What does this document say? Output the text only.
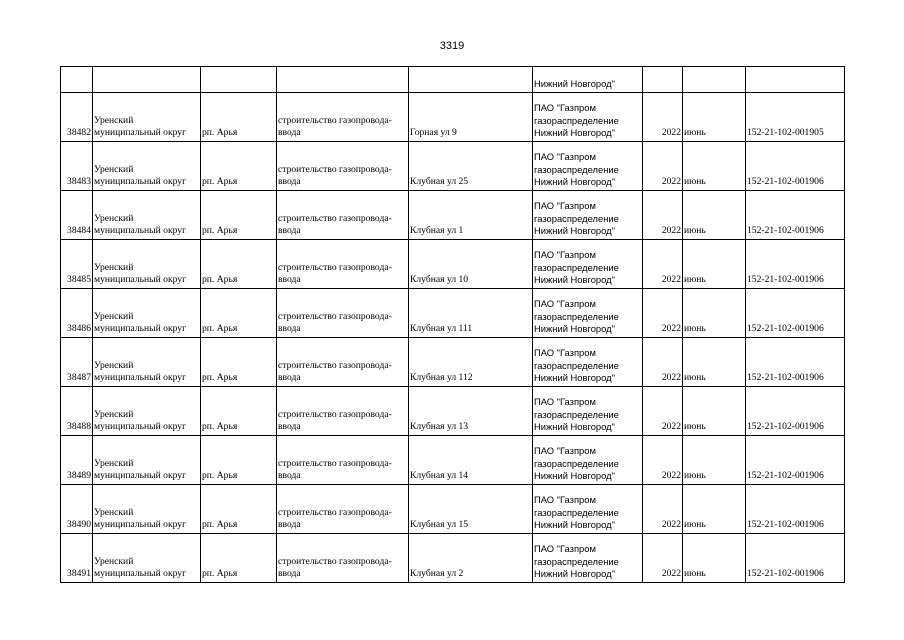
3319
					Нижний Новгород"			
38482	Уренский
муниципальный округ	рп. Арья	строительство газопровода-
ввода	Горная ул 9	ПАО "Газпром
газораспределение
Нижний Новгород"	2022	июнь	152-21-102-001905
38483	Уренский
муниципальный округ	рп. Арья	строительство газопровода-
ввода	Клубная ул 25	ПАО "Газпром
газораспределение
Нижний Новгород"	2022	июнь	152-21-102-001906
38484	Уренский
муниципальный округ	рп. Арья	строительство газопровода-
ввода	Клубная ул 1	ПАО "Газпром
газораспределение
Нижний Новгород"	2022	июнь	152-21-102-001906
38485	Уренский
муниципальный округ	рп. Арья	строительство газопровода-
ввода	Клубная ул 10	ПАО "Газпром
газораспределение
Нижний Новгород"	2022	июнь	152-21-102-001906
38486	Уренский
муниципальный округ	рп. Арья	строительство газопровода-
ввода	Клубная ул 111	ПАО "Газпром
газораспределение
Нижний Новгород"	2022	июнь	152-21-102-001906
38487	Уренский
муниципальный округ	рп. Арья	строительство газопровода-
ввода	Клубная ул 112	ПАО "Газпром
газораспределение
Нижний Новгород"	2022	июнь	152-21-102-001906
38488	Уренский
муниципальный округ	рп. Арья	строительство газопровода-
ввода	Клубная ул 13	ПАО "Газпром
газораспределение
Нижний Новгород"	2022	июнь	152-21-102-001906
38489	Уренский
муниципальный округ	рп. Арья	строительство газопровода-
ввода	Клубная ул 14	ПАО "Газпром
газораспределение
Нижний Новгород"	2022	июнь	152-21-102-001906
38490	Уренский
муниципальный округ	рп. Арья	строительство газопровода-
ввода	Клубная ул 15	ПАО "Газпром
газораспределение
Нижний Новгород"	2022	июнь	152-21-102-001906
38491	Уренский
муниципальный округ	рп. Арья	строительство газопровода-
ввода	Клубная ул 2	ПАО "Газпром
газораспределение
Нижний Новгород"	2022	июнь	152-21-102-001906
